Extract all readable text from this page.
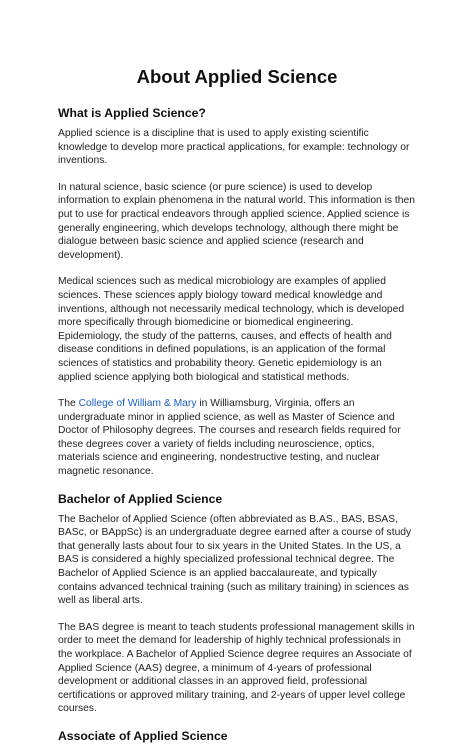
About Applied Science
What is Applied Science?

Applied science is a discipline that is used to apply existing scientific knowledge to develop more practical applications, for example: technology or inventions.

In natural science, basic science (or pure science) is used to develop information to explain phenomena in the natural world. This information is then put to use for practical endeavors through applied science. Applied science is generally engineering, which develops technology, although there might be dialogue between basic science and applied science (research and development).

Medical sciences such as medical microbiology are examples of applied sciences. These sciences apply biology toward medical knowledge and inventions, although not necessarily medical technology, which is developed more specifically through biomedicine or biomedical engineering. Epidemiology, the study of the patterns, causes, and effects of health and disease conditions in defined populations, is an application of the formal sciences of statistics and probability theory. Genetic epidemiology is an applied science applying both biological and statistical methods.

The College of William & Mary in Williamsburg, Virginia, offers an undergraduate minor in applied science, as well as Master of Science and Doctor of Philosophy degrees. The courses and research fields required for these degrees cover a variety of fields including neuroscience, optics, materials science and engineering, nondestructive testing, and nuclear magnetic resonance.

Bachelor of Applied Science

The Bachelor of Applied Science (often abbreviated as B.AS., BAS, BSAS, BASc, or BAppSc) is an undergraduate degree earned after a course of study that generally lasts about four to six years in the United States. In the US, a BAS is considered a highly specialized professional technical degree. The Bachelor of Applied Science is an applied baccalaureate, and typically contains advanced technical training (such as military training) in sciences as well as liberal arts.

The BAS degree is meant to teach students professional management skills in order to meet the demand for leadership of highly technical professionals in the workplace. A Bachelor of Applied Science degree requires an Associate of Applied Science (AAS) degree, a minimum of 4-years of professional development or additional classes in an approved field, professional certifications or approved military training, and 2-years of upper level college courses.

Associate of Applied Science
